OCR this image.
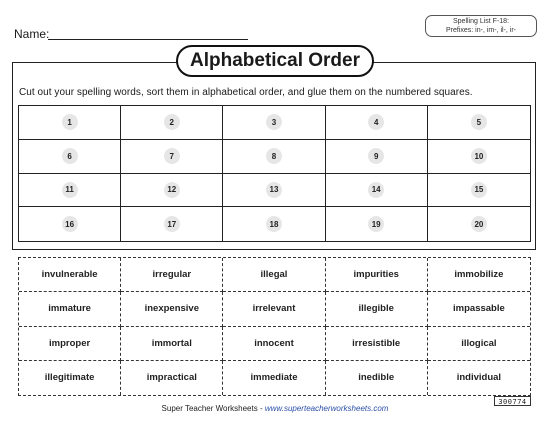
Name:
Spelling List F-18:
Prefixes: in-, im-, il-, ir-
Alphabetical Order
Cut out your spelling words, sort them in alphabetical order, and glue them on the numbered squares.
1	2	3	4	5
6	7	8	9	10
11	12	13	14	15
16	17	18	19	20
invulnerable	irregular	illegal	impurities	immobilize
immature	inexpensive	irrelevant	illegible	impassable
improper	immortal	innocent	irresistible	illogical
illegitimate	impractical	immediate	inedible	individual
300774
Super Teacher Worksheets - www.superteacherworksheets.com
